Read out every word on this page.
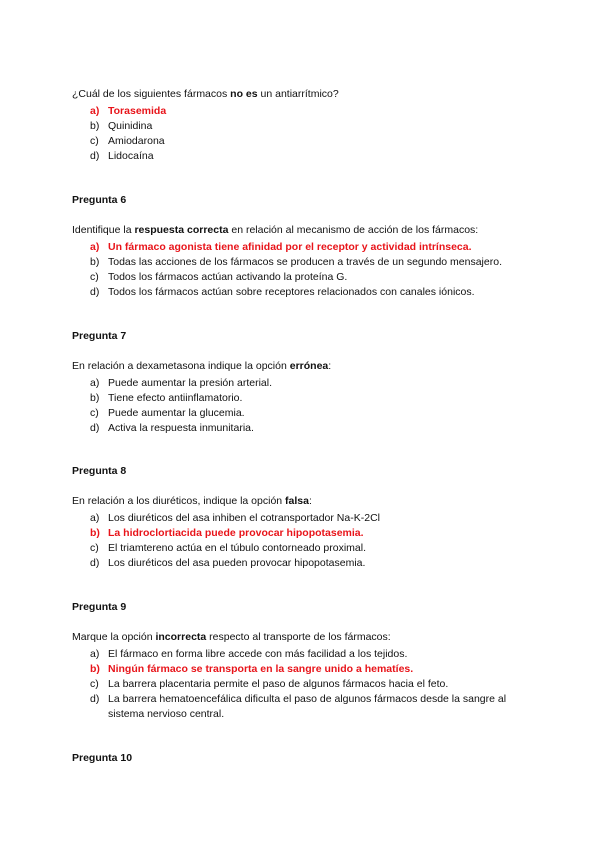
¿Cuál de los siguientes fármacos no es un antiarrítmico?

a) Torasemida
b) Quinidina
c) Amiodarona
d) Lidocaína

Pregunta 6

Identifique la respuesta correcta en relación al mecanismo de acción de los fármacos:

a) Un fármaco agonista tiene afinidad por el receptor y actividad intrínseca.
b) Todas las acciones de los fármacos se producen a través de un segundo mensajero.
c) Todos los fármacos actúan activando la proteína G.
d) Todos los fármacos actúan sobre receptores relacionados con canales iónicos.

Pregunta 7

En relación a dexametasona indique la opción errónea:

a) Puede aumentar la presión arterial.
b) Tiene efecto antiinflamatorio.
c) Puede aumentar la glucemia.
d) Activa la respuesta inmunitaria.

Pregunta 8

En relación a los diuréticos, indique la opción falsa:

a) Los diuréticos del asa inhiben el cotransportador Na-K-2Cl
b) La hidroclortiacida puede provocar hipopotasemia.
c) El triamtereno actúa en el túbulo contorneado proximal.
d) Los diuréticos del asa pueden provocar hipopotasemia.

Pregunta 9

Marque la opción incorrecta respecto al transporte de los fármacos:

a) El fármaco en forma libre accede con más facilidad a los tejidos.
b) Ningún fármaco se transporta en la sangre unido a hematíes.
c) La barrera placentaria permite el paso de algunos fármacos hacia el feto.
d) La barrera hematoencefálica dificulta el paso de algunos fármacos desde la sangre al sistema nervioso central.

Pregunta 10
